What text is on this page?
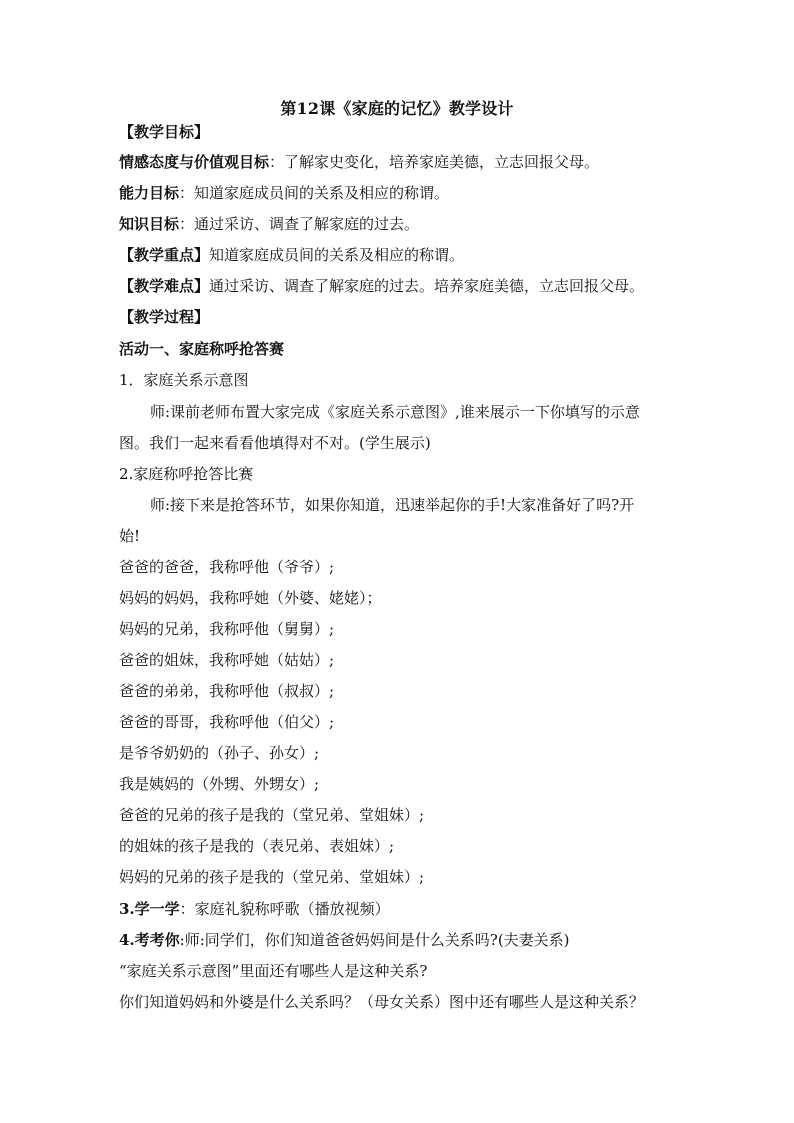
第12课《家庭的记忆》教学设计
【教学目标】
情感态度与价值观目标：了解家史变化，培养家庭美德，立志回报父母。
能力目标：知道家庭成员间的关系及相应的称谓。
知识目标：通过采访、调查了解家庭的过去。
【教学重点】知道家庭成员间的关系及相应的称谓。
【教学难点】通过采访、调查了解家庭的过去。培养家庭美德，立志回报父母。
【教学过程】
活动一、家庭称呼抢答赛
1．家庭关系示意图
师:课前老师布置大家完成《家庭关系示意图》,谁来展示一下你填写的示意
图。我们一起来看看他填得对不对。(学生展示)
2.家庭称呼抢答比赛
师:接下来是抢答环节，如果你知道，迅速举起你的手!大家准备好了吗?开
始!
爸爸的爸爸，我称呼他（爷爷）;
妈妈的妈妈，我称呼她（外婆、姥姥）；
妈妈的兄弟，我称呼他（舅舅）;
爸爸的姐妹，我称呼她（姑姑）;
爸爸的弟弟，我称呼他（叔叔）;
爸爸的哥哥，我称呼他（伯父）;
是爷爷奶奶的（孙子、孙女）;
我是姨妈的（外甥、外甥女）;
爸爸的兄弟的孩子是我的（堂兄弟、堂姐妹）;
的姐妹的孩子是我的（表兄弟、表姐妹）;
妈妈的兄弟的孩子是我的（堂兄弟、堂姐妹）;
3.学一学：家庭礼貌称呼歌（播放视频）
4.考考你:师:同学们，你们知道爸爸妈妈间是什么关系吗?(夫妻关系)
“家庭关系示意图”里面还有哪些人是这种关系?
你们知道妈妈和外婆是什么关系吗？（母女关系）图中还有哪些人是这种关系？
